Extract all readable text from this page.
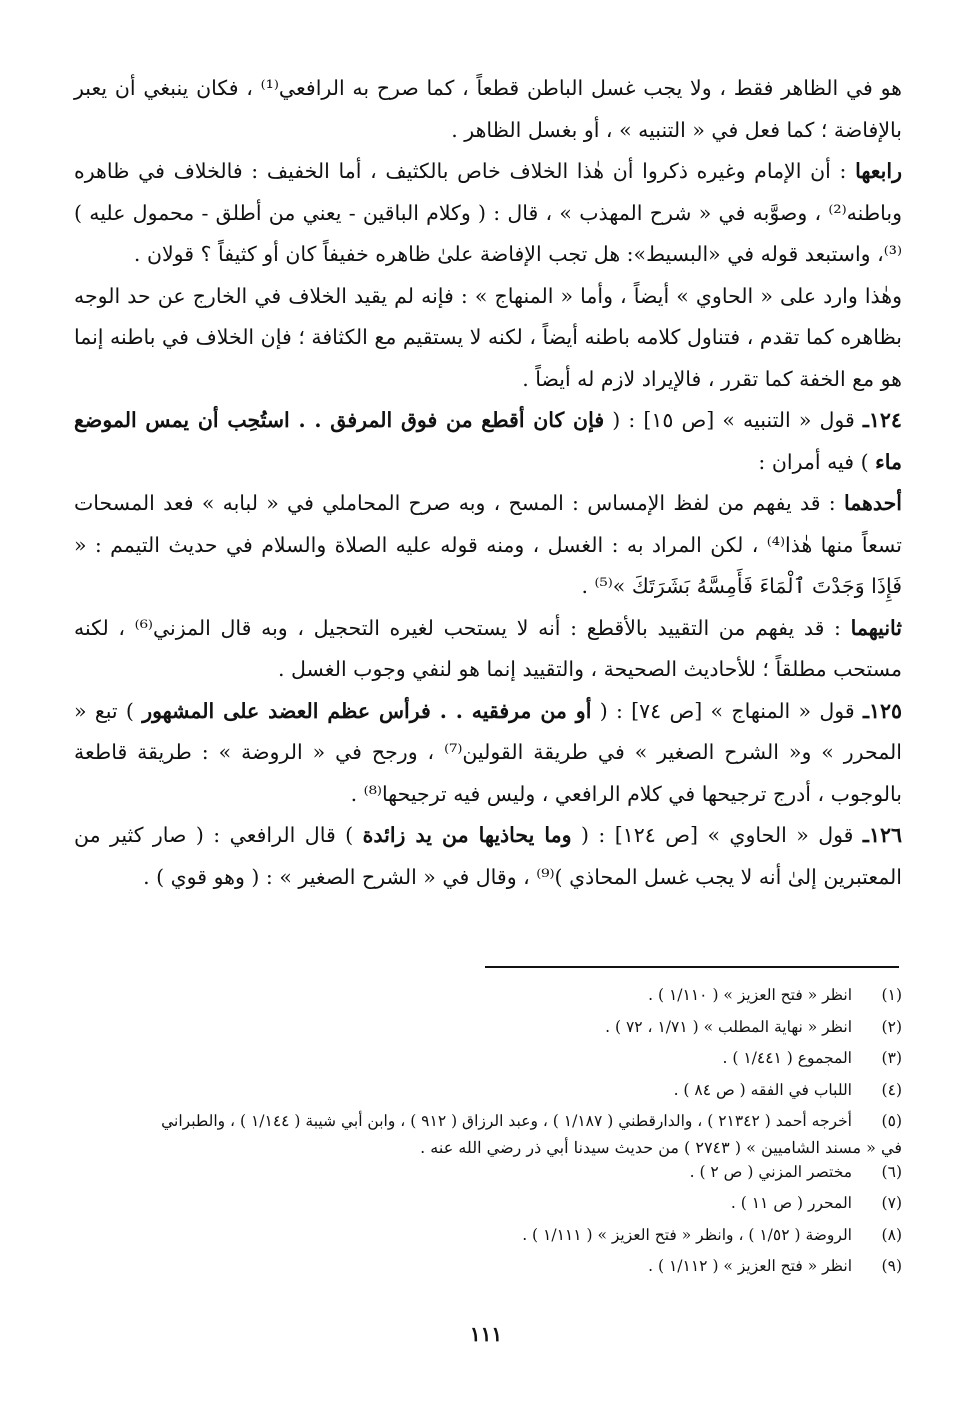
هو في الظاهر فقط ، ولا يجب غسل الباطن قطعاً ، كما صرح به الرافعي⁽¹⁾ ، فكان ينبغي أن يعبر بالإفاضة ؛ كما فعل في « التنبيه » ، أو بغسل الظاهر .

رابعها : أن الإمام وغيره ذكروا أن هٰذا الخلاف خاص بالكثيف ، أما الخفيف : فالخلاف في ظاهره وباطنه⁽²⁾ ، وصوَّبه في « شرح المهذب » ، قال : ( وكلام الباقين - يعني من أطلق - محمول عليه )⁽³⁾، واستبعد قوله في «البسيط»: هل تجب الإفاضة علىٰ ظاهره خفيفاً كان أو كثيفاً ؟ قولان .

وهٰذا وارد على « الحاوي » أيضاً ، وأما « المنهاج » : فإنه لم يقيد الخلاف في الخارج عن حد الوجه بظاهره كما تقدم ، فتناول كلامه باطنه أيضاً ، لكنه لا يستقيم مع الكثافة ؛ فإن الخلاف في باطنه إنما هو مع الخفة كما تقرر ، فالإيراد لازم له أيضاً .

١٢٤ـ قول « التنبيه » [ص ١٥] : ( فإن كان أقطع من فوق المرفق . . استُحِب أن يمس الموضع ماء ) فيه أمران :

أحدهما : قد يفهم من لفظ الإمساس : المسح ، وبه صرح المحاملي في « لبابه » فعد المسحات تسعاً منها هٰذا⁽⁴⁾ ، لكن المراد به : الغسل ، ومنه قوله عليه الصلاة والسلام في حديث التيمم : « فَإِذَا وَجَدْتَ ٱلْمَاءَ فَأَمِسَّهُ بَشَرَتَكَ »⁽⁵⁾ .

ثانيهما : قد يفهم من التقييد بالأقطع : أنه لا يستحب لغيره التحجيل ، وبه قال المزني⁽⁶⁾ ، لكنه مستحب مطلقاً ؛ للأحاديث الصحيحة ، والتقييد إنما هو لنفي وجوب الغسل .

١٢٥ـ قول « المنهاج » [ص ٧٤] : ( أو من مرفقيه . . فرأس عظم العضد على المشهور ) تبع « المحرر » و« الشرح الصغير » في طريقة القولين⁽⁷⁾ ، ورجح في « الروضة » : طريقة قاطعة بالوجوب ، أدرج ترجيحها في كلام الرافعي ، وليس فيه ترجيحها⁽⁸⁾ .

١٢٦ـ قول « الحاوي » [ص ١٢٤] : ( وما يحاذيها من يد زائدة ) قال الرافعي : ( صار كثير من المعتبرين إلىٰ أنه لا يجب غسل المحاذي )⁽⁹⁾ ، وقال في « الشرح الصغير » : ( وهو قوي ) .

(١)
انظر « فتح العزيز » ( ١/١١٠ ) .
(٢)
انظر « نهاية المطلب » ( ١/٧١ ، ٧٢ ) .
(٣)
المجموع ( ١/٤٤١ ) .
(٤)
اللباب في الفقه ( ص ٨٤ ) .
(٥)
أخرجه أحمد ( ٢١٣٤٢ ) ، والدارقطني ( ١/١٨٧ ) ، وعبد الرزاق ( ٩١٢ ) ، وابن أبي شيبة ( ١/١٤٤ ) ، والطبراني
في « مسند الشاميين » ( ٢٧٤٣ ) من حديث سيدنا أبي ذر رضي الله عنه .
(٦)
مختصر المزني ( ص ٢ ) .
(٧)
المحرر ( ص ١١ ) .
(٨)
الروضة ( ١/٥٢ ) ، وانظر « فتح العزيز » ( ١/١١١ ) .
(٩)
انظر « فتح العزيز » ( ١/١١٢ ) .
١١١
